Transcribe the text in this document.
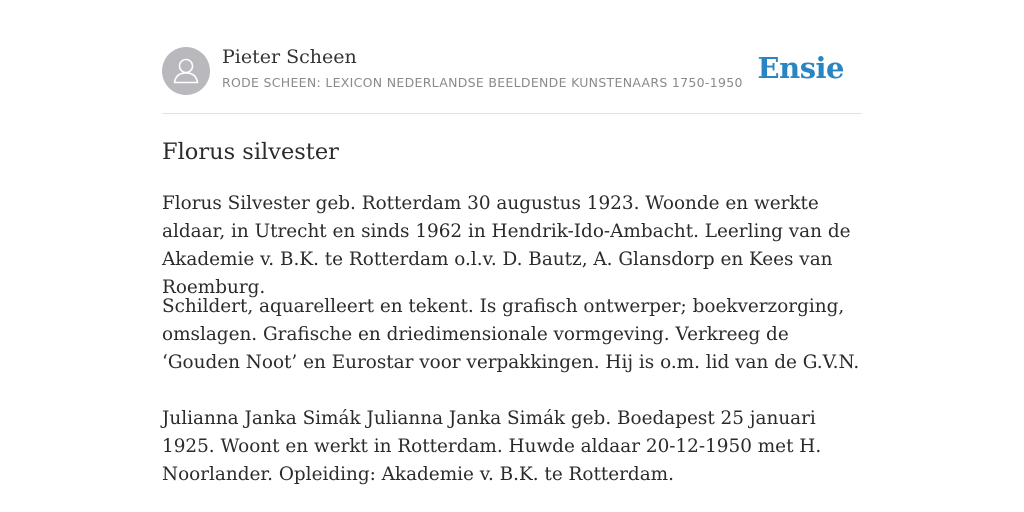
Pieter Scheen
RODE SCHEEN: LEXICON NEDERLANDSE BEELDENDE KUNSTENAARS 1750-1950 Ensie
Florus silvester

Florus Silvester geb. Rotterdam 30 augustus 1923. Woonde en werkte aldaar, in Utrecht en sinds 1962 in Hendrik-Ido-Ambacht. Leerling van de Akademie v. B.K. te Rotterdam o.l.v. D. Bautz, A. Glansdorp en Kees van Roemburg.

Schildert, aquarelleert en tekent. Is grafisch ontwerper; boekverzorging, omslagen. Grafische en driedimensionale vormgeving. Verkreeg de ‘Gouden Noot’ en Eurostar voor verpakkingen. Hij is o.m. lid van de G.V.N.

Julianna Janka Simák Julianna Janka Simák geb. Boedapest 25 januari 1925. Woont en werkt in Rotterdam. Huwde aldaar 20-12-1950 met H. Noorlander. Opleiding: Akademie v. B.K. te Rotterdam.
